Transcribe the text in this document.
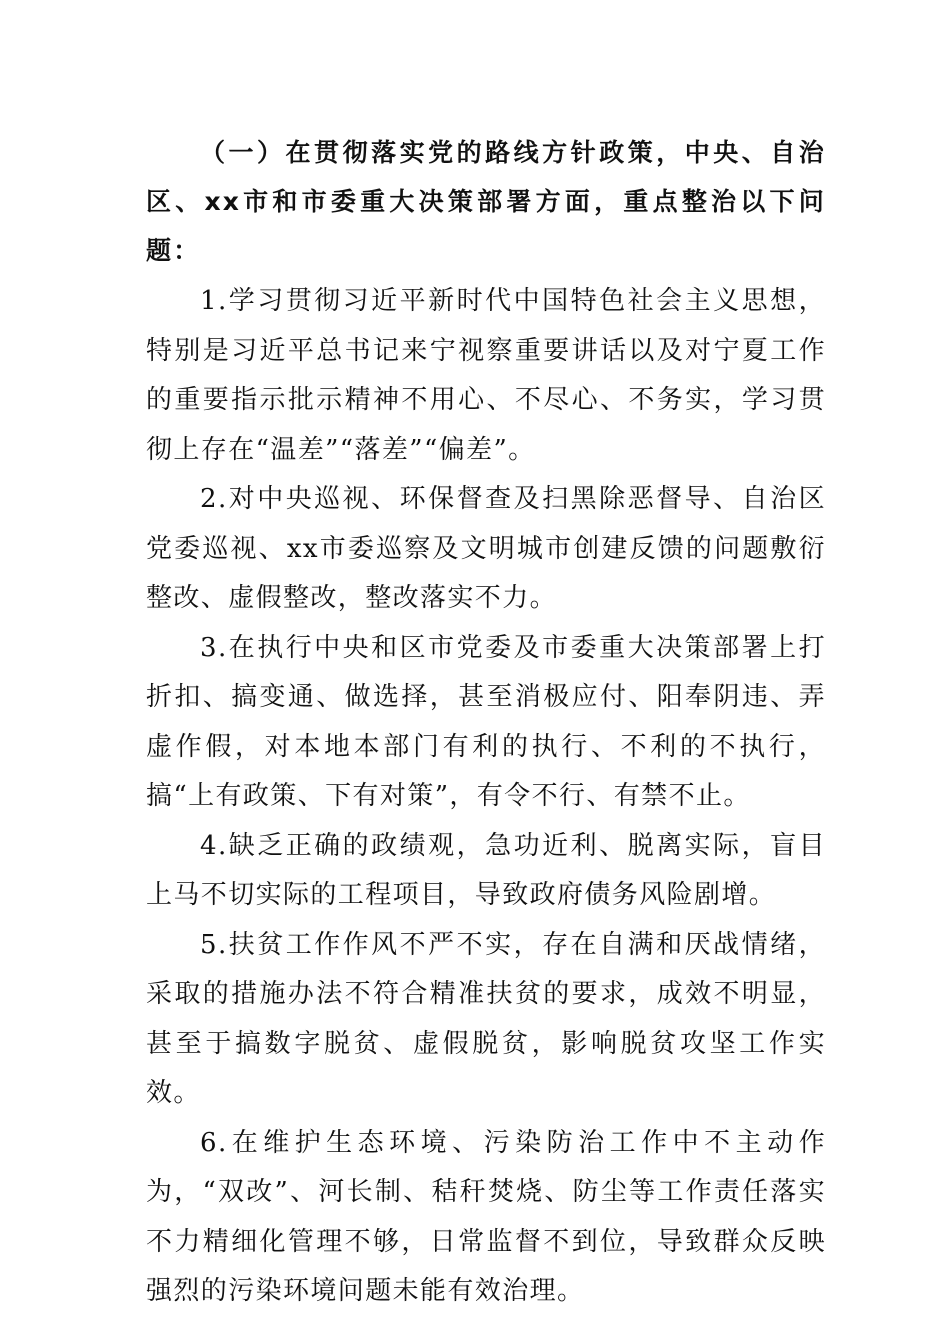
（一）在贯彻落实党的路线方针政策，中央、自治区、xx市和市委重大决策部署方面，重点整治以下问题：

1.学习贯彻习近平新时代中国特色社会主义思想，特别是习近平总书记来宁视察重要讲话以及对宁夏工作的重要指示批示精神不用心、不尽心、不务实，学习贯彻上存在“温差”“落差”“偏差”。

2.对中央巡视、环保督查及扫黑除恶督导、自治区党委巡视、xx市委巡察及文明城市创建反馈的问题敷衍整改、虚假整改，整改落实不力。

3.在执行中央和区市党委及市委重大决策部署上打折扣、搞变通、做选择，甚至消极应付、阳奉阴违、弄虚作假，对本地本部门有利的执行、不利的不执行，搞“上有政策、下有对策”，有令不行、有禁不止。

4.缺乏正确的政绩观，急功近利、脱离实际，盲目上马不切实际的工程项目，导致政府债务风险剧增。

5.扶贫工作作风不严不实，存在自满和厌战情绪，采取的措施办法不符合精准扶贫的要求，成效不明显，甚至于搞数字脱贫、虚假脱贫，影响脱贫攻坚工作实效。

6.在维护生态环境、污染防治工作中不主动作为，“双改”、河长制、秸秆焚烧、防尘等工作责任落实不力精细化管理不够，日常监督不到位，导致群众反映强烈的污染环境问题未能有效治理。
